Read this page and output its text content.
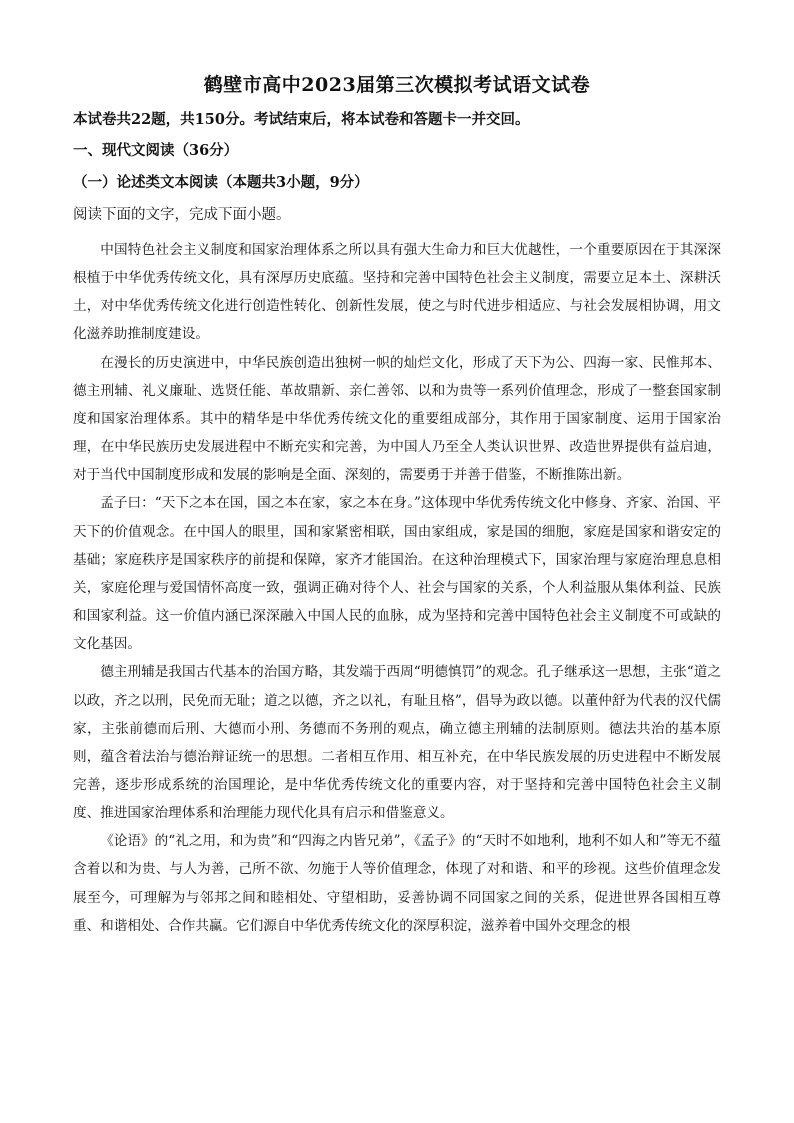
鹤壁市高中2023届第三次模拟考试语文试卷
本试卷共22题，共150分。考试结束后，将本试卷和答题卡一并交回。
一、现代文阅读（36分）
（一）论述类文本阅读（本题共3小题，9分）
阅读下面的文字，完成下面小题。

中国特色社会主义制度和国家治理体系之所以具有强大生命力和巨大优越性，一个重要原因在于其深深根植于中华优秀传统文化，具有深厚历史底蕴。坚持和完善中国特色社会主义制度，需要立足本土、深耕沃土，对中华优秀传统文化进行创造性转化、创新性发展，使之与时代进步相适应、与社会发展相协调，用文化滋养助推制度建设。

在漫长的历史演进中，中华民族创造出独树一帜的灿烂文化，形成了天下为公、四海一家、民惟邦本、德主刑辅、礼义廉耻、选贤任能、革故鼎新、亲仁善邻、以和为贵等一系列价值理念，形成了一整套国家制度和国家治理体系。其中的精华是中华优秀传统文化的重要组成部分，其作用于国家制度、运用于国家治理，在中华民族历史发展进程中不断充实和完善，为中国人乃至全人类认识世界、改造世界提供有益启迪，对于当代中国制度形成和发展的影响是全面、深刻的，需要勇于并善于借鉴，不断推陈出新。

孟子曰：“天下之本在国，国之本在家，家之本在身。”这体现中华优秀传统文化中修身、齐家、治国、平天下的价值观念。在中国人的眼里，国和家紧密相联，国由家组成，家是国的细胞，家庭是国家和谐安定的基础；家庭秩序是国家秩序的前提和保障，家齐才能国治。在这种治理模式下，国家治理与家庭治理息息相关，家庭伦理与爱国情怀高度一致，强调正确对待个人、社会与国家的关系，个人利益服从集体利益、民族和国家利益。这一价值内涵已深深融入中国人民的血脉，成为坚持和完善中国特色社会主义制度不可或缺的文化基因。

德主刑辅是我国古代基本的治国方略，其发端于西周“明德慎罚”的观念。孔子继承这一思想，主张“道之以政，齐之以刑，民免而无耻；道之以德，齐之以礼，有耻且格”，倡导为政以德。以董仲舒为代表的汉代儒家，主张前德而后刑、大德而小刑、务德而不务刑的观点，确立德主刑辅的法制原则。德法共治的基本原则，蕴含着法治与德治辩证统一的思想。二者相互作用、相互补充，在中华民族发展的历史进程中不断发展完善，逐步形成系统的治国理论，是中华优秀传统文化的重要内容，对于坚持和完善中国特色社会主义制度、推进国家治理体系和治理能力现代化具有启示和借鉴意义。

《论语》的“礼之用，和为贵”和“四海之内皆兄弟”，《孟子》的“天时不如地利，地利不如人和”等无不蕴含着以和为贵、与人为善，己所不欲、勿施于人等价值理念，体现了对和谐、和平的珍视。这些价值理念发展至今，可理解为与邻邦之间和睦相处、守望相助，妥善协调不同国家之间的关系，促进世界各国相互尊重、和谐相处、合作共赢。它们源自中华优秀传统文化的深厚积淀，滋养着中国外交理念的根
